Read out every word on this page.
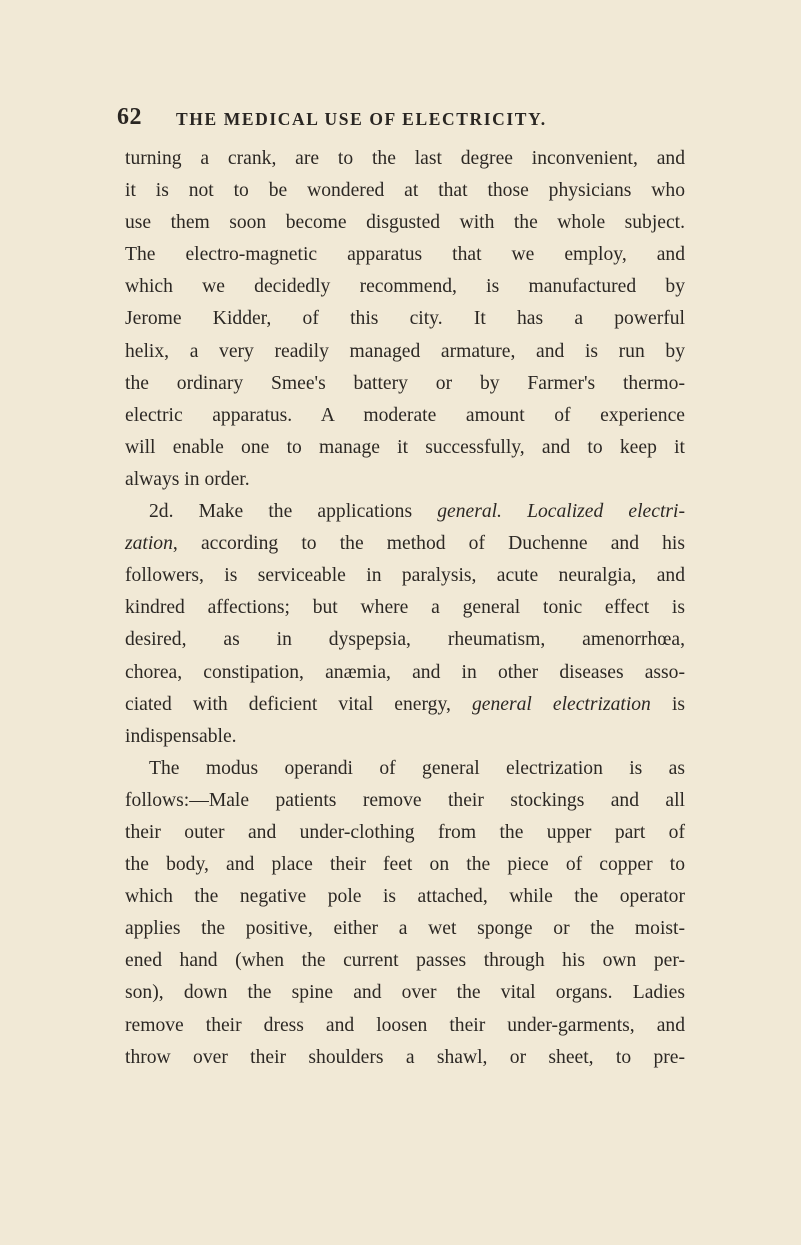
62 THE MEDICAL USE OF ELECTRICITY.
turning a crank, are to the last degree inconvenient, and
it is not to be wondered at that those physicians who
use them soon become disgusted with the whole subject.
The electro-magnetic apparatus that we employ, and
which we decidedly recommend, is manufactured by
Jerome Kidder, of this city. It has a powerful
helix, a very readily managed armature, and is run by
the ordinary Smee's battery or by Farmer's thermo-
electric apparatus. A moderate amount of experience
will enable one to manage it successfully, and to keep it
always in order.
2d. Make the applications general. Localized electri-
zation, according to the method of Duchenne and his
followers, is serviceable in paralysis, acute neuralgia, and
kindred affections; but where a general tonic effect is
desired, as in dyspepsia, rheumatism, amenorrhœa,
chorea, constipation, anæmia, and in other diseases asso-
ciated with deficient vital energy, general electrization is
indispensable.
The modus operandi of general electrization is as
follows:—Male patients remove their stockings and all
their outer and under-clothing from the upper part of
the body, and place their feet on the piece of copper to
which the negative pole is attached, while the operator
applies the positive, either a wet sponge or the moist-
ened hand (when the current passes through his own per-
son), down the spine and over the vital organs. Ladies
remove their dress and loosen their under-garments, and
throw over their shoulders a shawl, or sheet, to pre-
